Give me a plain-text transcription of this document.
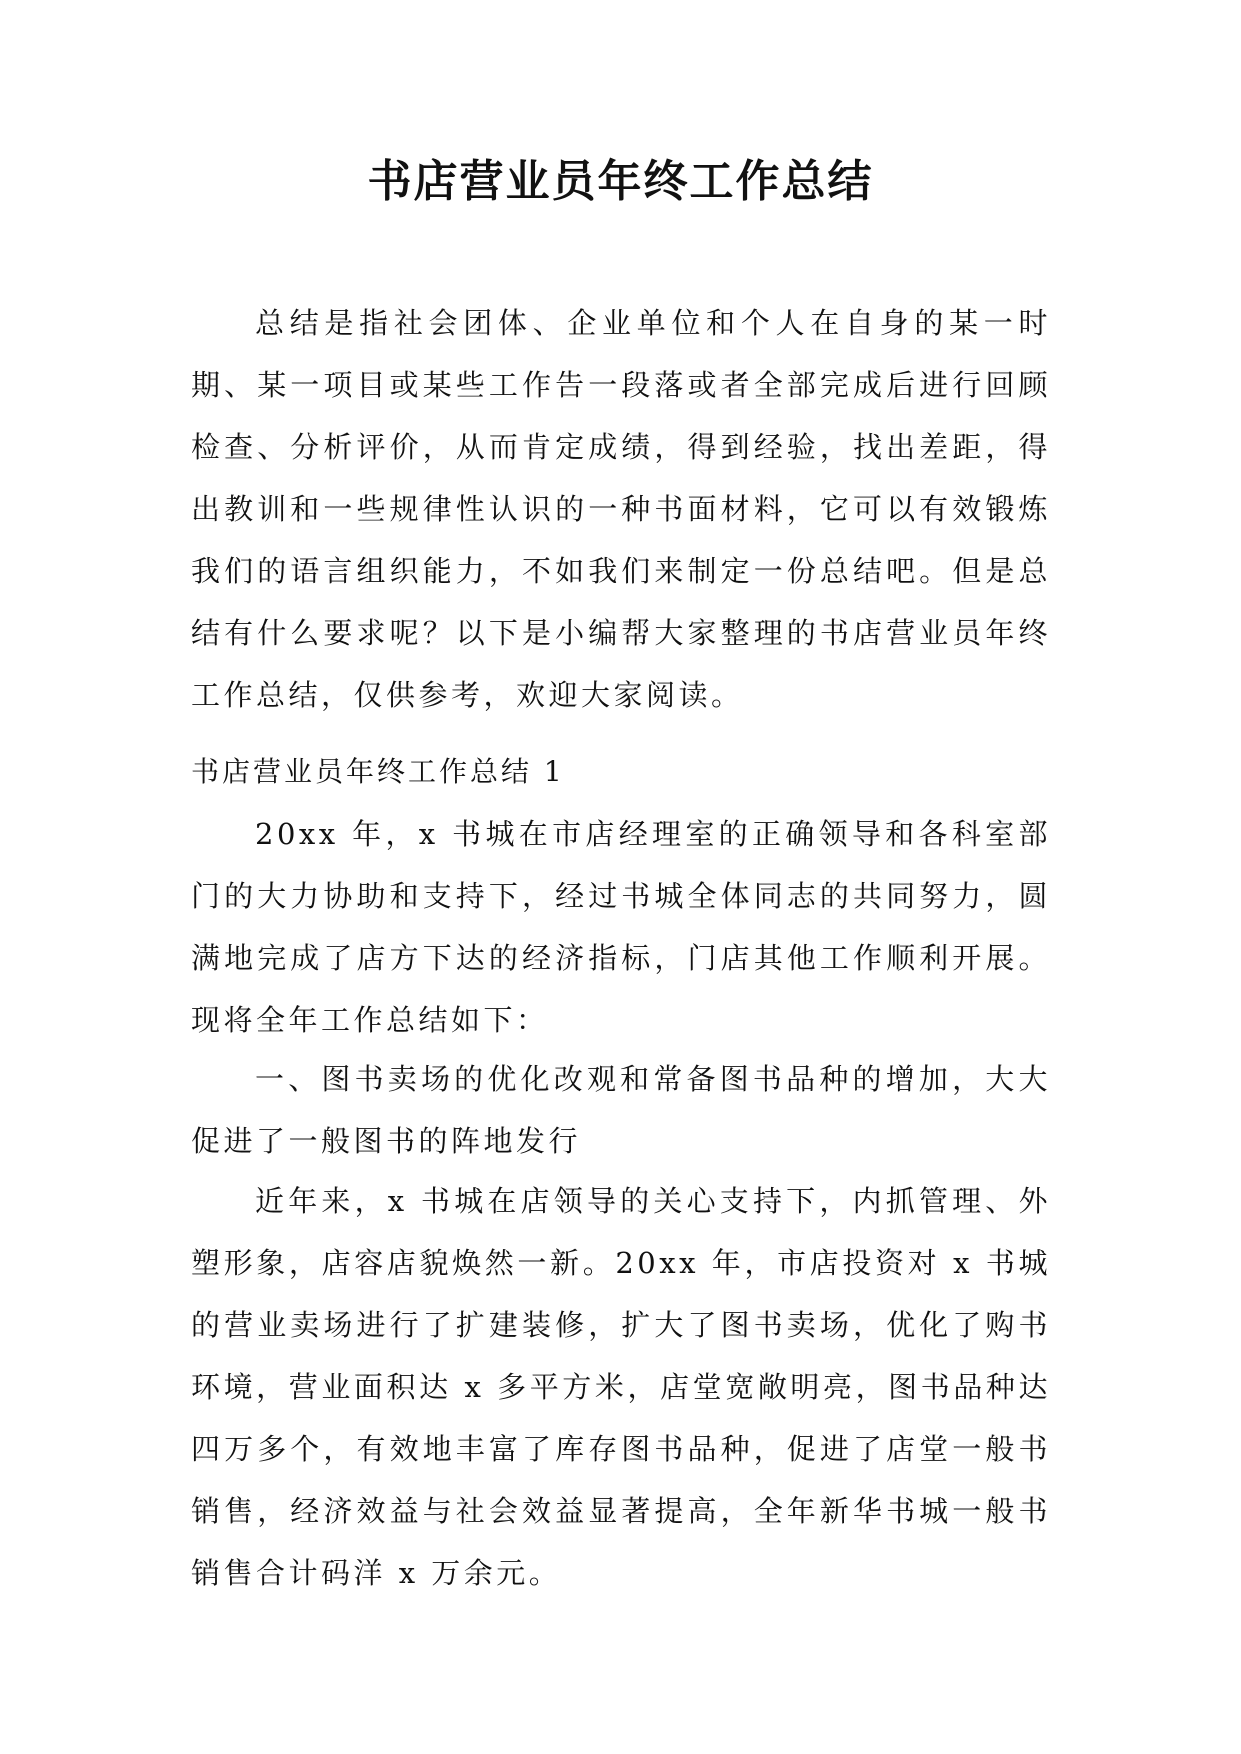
书店营业员年终工作总结

总结是指社会团体、企业单位和个人在自身的某一时期、某一项目或某些工作告一段落或者全部完成后进行回顾检查、分析评价，从而肯定成绩，得到经验，找出差距，得出教训和一些规律性认识的一种书面材料，它可以有效锻炼我们的语言组织能力，不如我们来制定一份总结吧。但是总结有什么要求呢？以下是小编帮大家整理的书店营业员年终工作总结，仅供参考，欢迎大家阅读。

书店营业员年终工作总结 1

20xx 年，x 书城在市店经理室的正确领导和各科室部门的大力协助和支持下，经过书城全体同志的共同努力，圆满地完成了店方下达的经济指标，门店其他工作顺利开展。现将全年工作总结如下：

一、图书卖场的优化改观和常备图书品种的增加，大大促进了一般图书的阵地发行

近年来，x 书城在店领导的关心支持下，内抓管理、外塑形象，店容店貌焕然一新。20xx 年，市店投资对 x 书城的营业卖场进行了扩建装修，扩大了图书卖场，优化了购书环境，营业面积达 x 多平方米，店堂宽敞明亮，图书品种达四万多个，有效地丰富了库存图书品种，促进了店堂一般书销售，经济效益与社会效益显著提高，全年新华书城一般书销售合计码洋 x 万余元。
